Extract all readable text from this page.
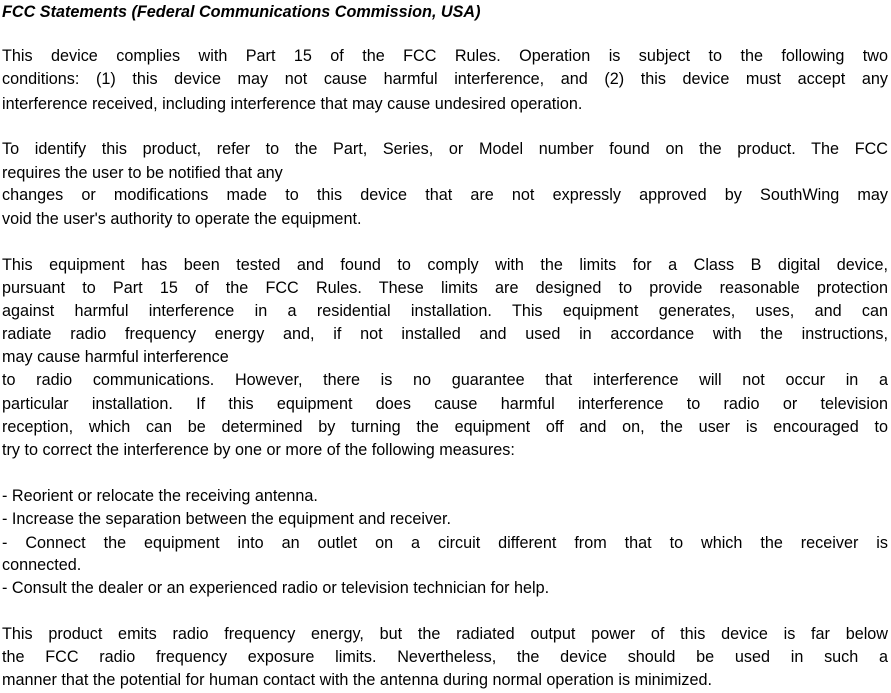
FCC Statements (Federal Communications Commission, USA)
This device complies with Part 15 of the FCC Rules. Operation is subject to the following two
conditions: (1) this device may not cause harmful interference, and (2) this device must accept any
interference received, including interference that may cause undesired operation.
To identify this product, refer to the Part, Series, or Model number found on the product. The FCC
requires the user to be notified that any
changes or modifications made to this device that are not expressly approved by SouthWing may
void the user's authority to operate the equipment.
This equipment has been tested and found to comply with the limits for a Class B digital device,
pursuant to Part 15 of the FCC Rules. These limits are designed to provide reasonable protection
against harmful interference in a residential installation. This equipment generates, uses, and can
radiate radio frequency energy and, if not installed and used in accordance with the instructions,
may cause harmful interference
to radio communications. However, there is no guarantee that interference will not occur in a
particular installation. If this equipment does cause harmful interference to radio or television
reception, which can be determined by turning the equipment off and on, the user is encouraged to
try to correct the interference by one or more of the following measures:
- Reorient or relocate the receiving antenna.
- Increase the separation between the equipment and receiver.
- Connect the equipment into an outlet on a circuit different from that to which the receiver is
connected.
- Consult the dealer or an experienced radio or television technician for help.
This product emits radio frequency energy, but the radiated output power of this device is far below
the FCC radio frequency exposure limits. Nevertheless, the device should be used in such a
manner that the potential for human contact with the antenna during normal operation is minimized.
